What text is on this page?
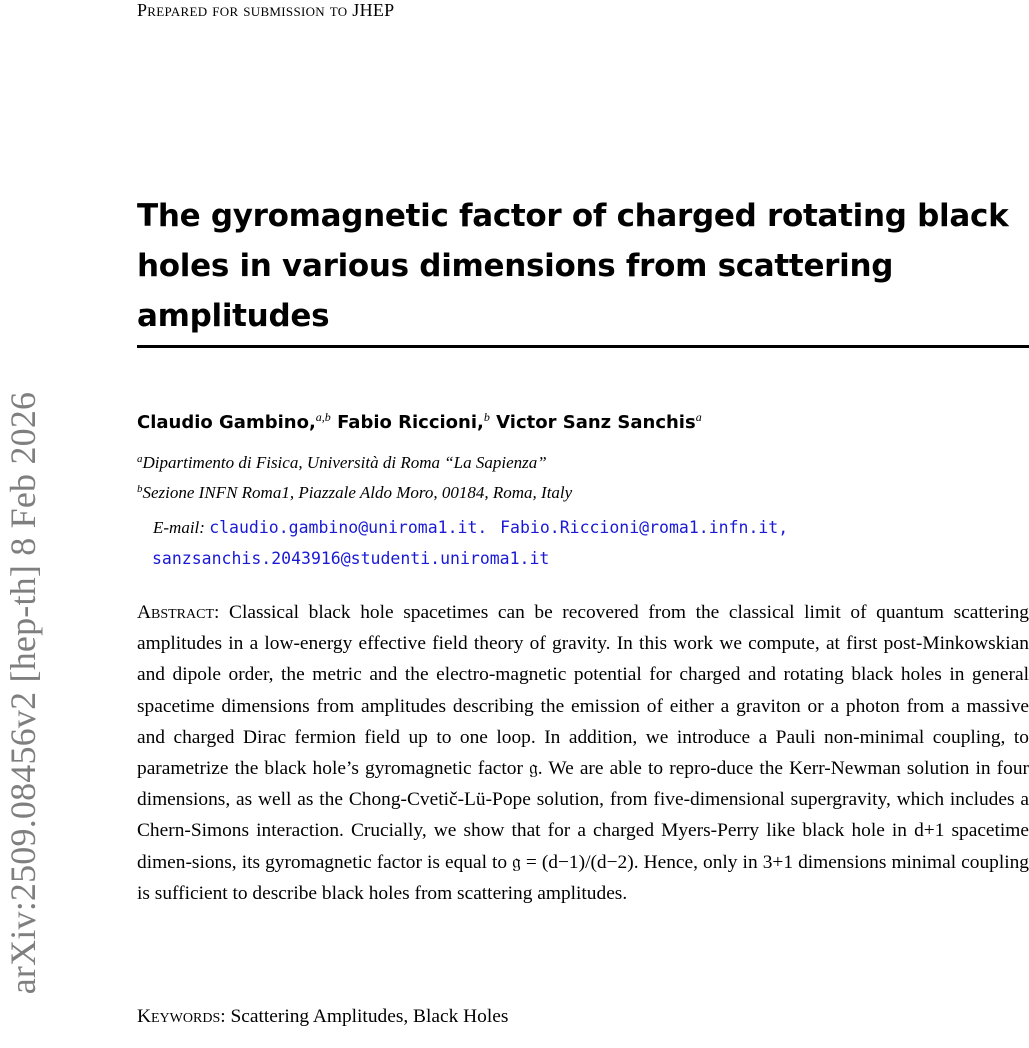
Prepared for submission to JHEP
arXiv:2509.08456v2 [hep-th] 8 Feb 2026
The gyromagnetic factor of charged rotating black
holes in various dimensions from scattering amplitudes
Claudio Gambino,$^{a,b}$ Fabio Riccioni,$^b$ Victor Sanz Sanchis$^a$
$^a$Dipartimento di Fisica, Università di Roma “La Sapienza”
$^b$Sezione INFN Roma1, Piazzale Aldo Moro, 00184, Roma, Italy
E-mail: claudio.gambino@uniroma1.it. Fabio.Riccioni@roma1.infn.it,
sanzsanchis.2043916@studenti.uniroma1.it
Abstract: Classical black hole spacetimes can be recovered from the classical limit of quantum scattering amplitudes in a low-energy effective field theory of gravity. In this work we compute, at first post-Minkowskian and dipole order, the metric and the electro-magnetic potential for charged and rotating black holes in general spacetime dimensions from amplitudes describing the emission of either a graviton or a photon from a massive and charged Dirac fermion field up to one loop. In addition, we introduce a Pauli non-minimal coupling, to parametrize the black hole’s gyromagnetic factor 𝔤. We are able to repro-duce the Kerr-Newman solution in four dimensions, as well as the Chong-Cvetič-Lü-Pope solution, from five-dimensional supergravity, which includes a Chern-Simons interaction. Crucially, we show that for a charged Myers-Perry like black hole in d+1 spacetime dimen-sions, its gyromagnetic factor is equal to 𝔤 = (d−1)/(d−2). Hence, only in 3+1 dimensions minimal coupling is sufficient to describe black holes from scattering amplitudes.
Keywords: Scattering Amplitudes, Black Holes
